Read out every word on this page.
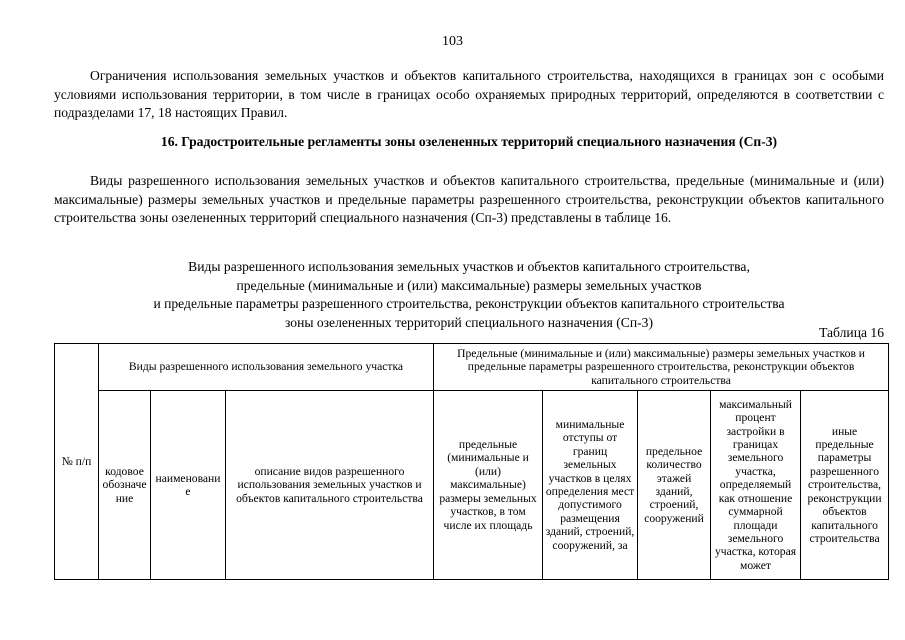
103

Ограничения использования земельных участков и объектов капитального строительства, находящихся в границах зон с особыми условиями использования территории, в том числе в границах особо охраняемых природных территорий, определяются в соответствии с подразделами 17, 18 настоящих Правил.

16. Градостроительные регламенты зоны озелененных территорий специального назначения (Сп-3)

Виды разрешенного использования земельных участков и объектов капитального строительства, предельные (минимальные и (или) максимальные) размеры земельных участков и предельные параметры разрешенного строительства, реконструкции объектов капитального строительства зоны озелененных территорий специального назначения (Сп-3) представлены в таблице 16.

Виды разрешенного использования земельных участков и объектов капитального строительства,
предельные (минимальные и (или) максимальные) размеры земельных участков
и предельные параметры разрешенного строительства, реконструкции объектов капитального строительства
зоны озелененных территорий специального назначения (Сп-3)
Таблица 16
№ п/п	Виды разрешенного использования земельного участка			Предельные (минимальные и (или) максимальные) размеры земельных участков и предельные параметры разрешенного строительства, реконструкции объектов капитального строительства				

	кодовое обозначение	наименование	описание видов разрешенного использования земельных участков и объектов капитального строительства	предельные (минимальные и (или) максимальные) размеры земельных участков, в том числе их площадь	минимальные отступы от границ земельных участков в целях определения мест допустимого размещения зданий, строений, сооружений, за	предельное количество этажей зданий, строений, сооружений	максимальный процент застройки в границах земельного участка, определяемый как отношение суммарной площади земельного участка, которая может	иные предельные параметры разрешенного строительства, реконструкции объектов капитального строительства
